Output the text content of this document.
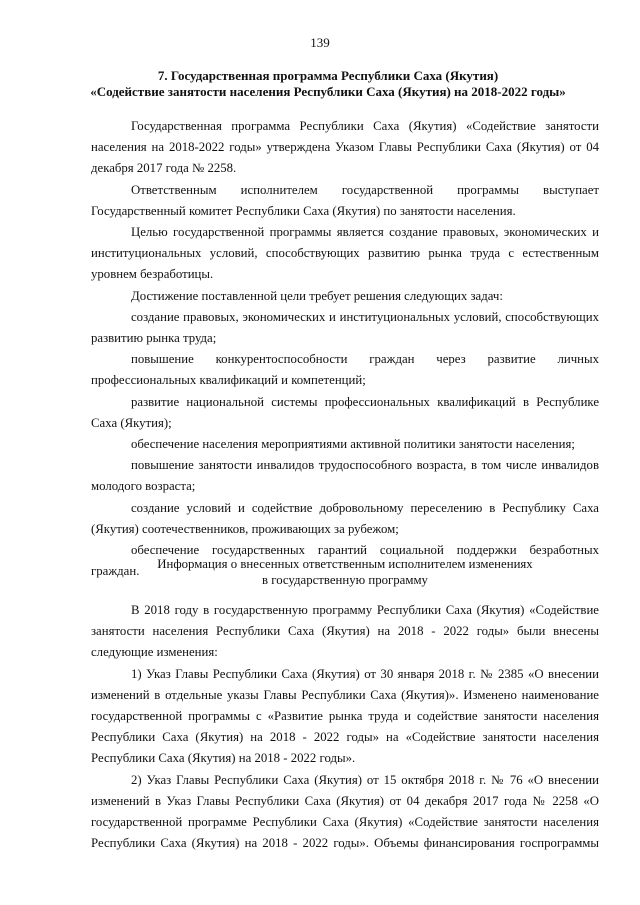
139
7. Государственная программа Республики Саха (Якутия)
«Содействие занятости населения Республики Саха (Якутия) на 2018-2022 годы»

Государственная программа Республики Саха (Якутия) «Содействие занятости населения на 2018-2022 годы» утверждена Указом Главы Республики Саха (Якутия) от 04 декабря 2017 года № 2258.

Ответственным исполнителем государственной программы выступает Государственный комитет Республики Саха (Якутия) по занятости населения.

Целью государственной программы является создание правовых, экономических и институциональных условий, способствующих развитию рынка труда с естественным уровнем безработицы.

Достижение поставленной цели требует решения следующих задач:

создание правовых, экономических и институциональных условий, способствующих развитию рынка труда;

повышение конкурентоспособности граждан через развитие личных профессиональных квалификаций и компетенций;

развитие национальной системы профессиональных квалификаций в Республике Саха (Якутия);

обеспечение населения мероприятиями активной политики занятости населения;

повышение занятости инвалидов трудоспособного возраста, в том числе инвалидов молодого возраста;

создание условий и содействие добровольному переселению в Республику Саха (Якутия) соотечественников, проживающих за рубежом;

обеспечение государственных гарантий социальной поддержки безработных граждан.

Информация о внесенных ответственным исполнителем изменениях
в государственную программу

В 2018 году в государственную программу Республики Саха (Якутия) «Содействие занятости населения Республики Саха (Якутия) на 2018 - 2022 годы» были внесены следующие изменения:

1) Указ Главы Республики Саха (Якутия) от 30 января 2018 г. № 2385 «О внесении изменений в отдельные указы Главы Республики Саха (Якутия)». Изменено наименование государственной программы с «Развитие рынка труда и содействие занятости населения Республики Саха (Якутия) на 2018 - 2022 годы» на «Содействие занятости населения Республики Саха (Якутия) на 2018 - 2022 годы».

2) Указ Главы Республики Саха (Якутия) от 15 октября 2018 г. № 76 «О внесении изменений в Указ Главы Республики Саха (Якутия) от 04 декабря 2017 года № 2258 «О государственной программе Республики Саха (Якутия) «Содействие занятости населения Республики Саха (Якутия) на 2018 - 2022 годы». Объемы финансирования госпрограммы
